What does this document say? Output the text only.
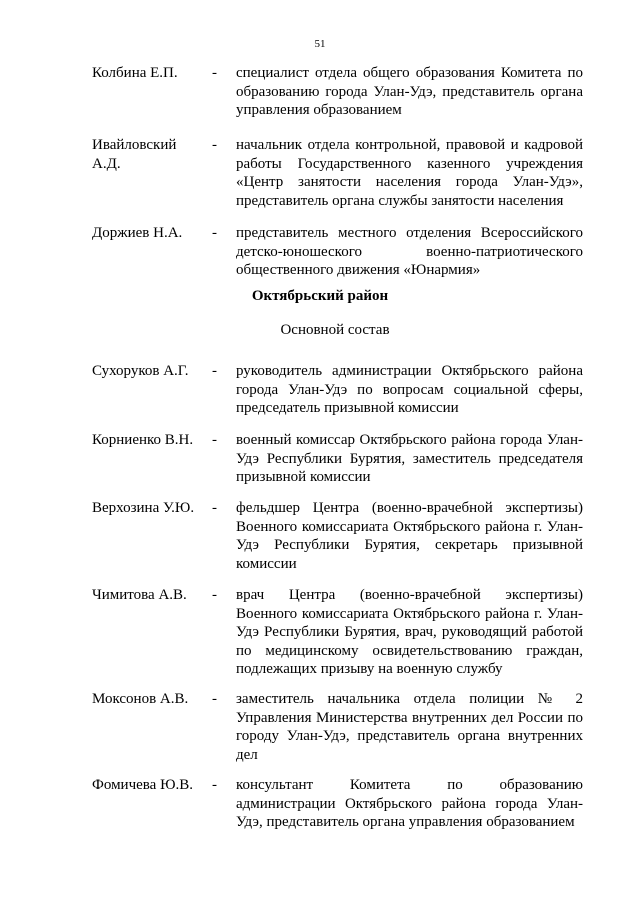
51
Колбина Е.П. - специалист отдела общего образования Комитета по образованию города Улан-Удэ, представитель органа управления образованием
Ивайловский
А.Д.
- начальник отдела контрольной, правовой и кадровой работы Государственного казенного учреждения «Центр занятости населения города Улан-Удэ», представитель органа службы занятости населения
Доржиев Н.А. - представитель местного отделения Всероссийского детско-юношеского военно-патриотического общественного движения «Юнармия»
Октябрьский район
Основной состав
Сухоруков А.Г. - руководитель администрации Октябрьского района города Улан-Удэ по вопросам социальной сферы, председатель призывной комиссии
Корниенко В.Н. - военный комиссар Октябрьского района города Улан-Удэ Республики Бурятия, заместитель председателя призывной комиссии
Верхозина У.Ю. - фельдшер Центра (военно-врачебной экспертизы) Военного комиссариата Октябрьского района г. Улан-Удэ Республики Бурятия, секретарь призывной комиссии
Чимитова А.В. - врач Центра (военно-врачебной экспертизы) Военного комиссариата Октябрьского района г. Улан-Удэ Республики Бурятия, врач, руководящий работой по медицинскому освидетельствованию граждан, подлежащих призыву на военную службу
Моксонов А.В. - заместитель начальника отдела полиции № 2 Управления Министерства внутренних дел России по городу Улан-Удэ, представитель органа внутренних дел
Фомичева Ю.В. - консультант Комитета по образованию администрации Октябрьского района города Улан-Удэ, представитель органа управления образованием
